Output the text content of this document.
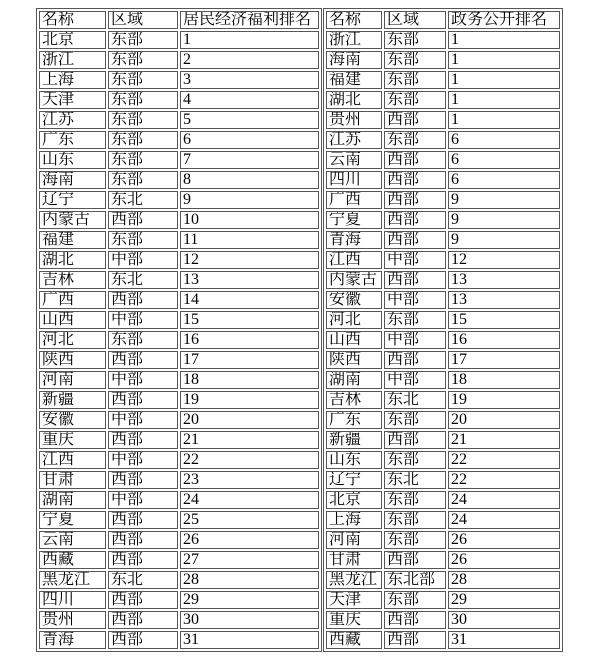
名称	区域	居民经济福利排名
北京	东部	1
浙江	东部	2
上海	东部	3
天津	东部	4
江苏	东部	5
广东	东部	6
山东	东部	7
海南	东部	8
辽宁	东北	9
内蒙古	西部	10
福建	东部	11
湖北	中部	12
吉林	东北	13
广西	西部	14
山西	中部	15
河北	东部	16
陕西	西部	17
河南	中部	18
新疆	西部	19
安徽	中部	20
重庆	西部	21
江西	中部	22
甘肃	西部	23
湖南	中部	24
宁夏	西部	25
云南	西部	26
西藏	西部	27
黑龙江	东北	28
四川	西部	29
贵州	西部	30
青海	西部	31
名称	区域	政务公开排名
浙江	东部	1
海南	东部	1
福建	东部	1
湖北	东部	1
贵州	西部	1
江苏	东部	6
云南	西部	6
四川	西部	6
广西	西部	9
宁夏	西部	9
青海	西部	9
江西	中部	12
内蒙古	西部	13
安徽	中部	13
河北	东部	15
山西	中部	16
陕西	西部	17
湖南	中部	18
吉林	东北	19
广东	东部	20
新疆	西部	21
山东	东部	22
辽宁	东北	22
北京	东部	24
上海	东部	24
河南	东部	26
甘肃	西部	26
黑龙江	东北部	28
天津	东部	29
重庆	西部	30
西藏	西部	31
